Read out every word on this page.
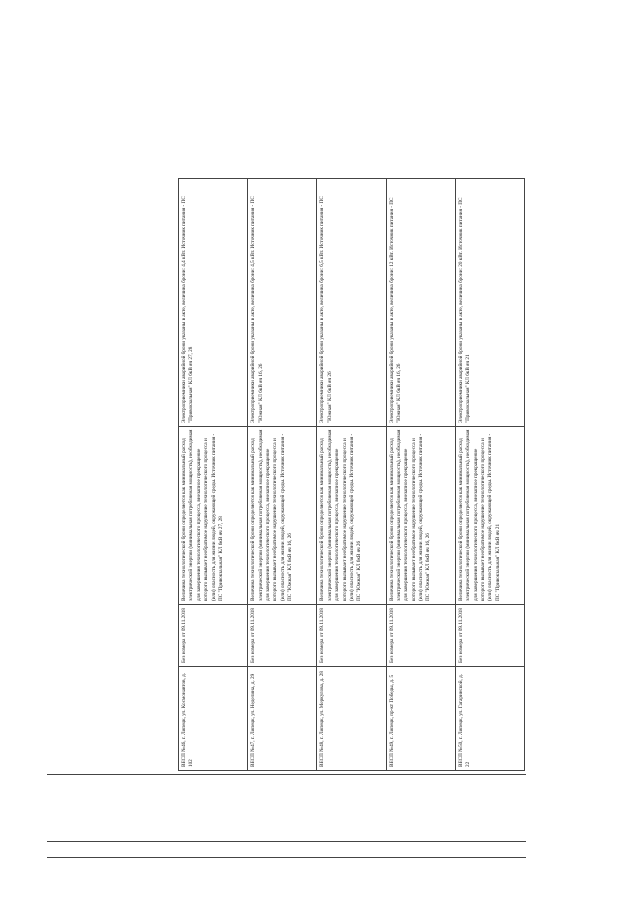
ВЕСП №46, г. Липецк, ул. Космонавтов, д. 102	Без номера от 09.11.2018	Величина технологической брони определяется как минимальный расход электрической энергии (минимальная потребляемая мощность), необходимая для завершения технологического процесса, внезапное прекращение которого вызывает необратимое нарушение технологического процесса и (или) опасность для жизни людей, окружающей среды. Источник питания - ПС "Привокзальная" КЛ 6кВ яч 27, 28	Электроприемники аварийной брони указаны в акте, величина брони: 4,4 кВт. Источник питания - ПС "Привокзальная" КЛ 6кВ яч 27, 28
ВЕСП №47, г. Липецк, ул. Неделина, д. 29	Без номера от 09.11.2018	Величина технологической брони определяется как минимальный расход электрической энергии (минимальная потребляемая мощность), необходимая для завершения технологического процесса, внезапное прекращение которого вызывает необратимое нарушение технологического процесса и (или) опасность для жизни людей, окружающей среды. Источник питания - ПС "Южная" КЛ 6кВ яч 16, 26	Электроприемники аварийной брони указаны в акте, величина брони: 4,5 кВт. Источник питания - ПС "Южная" КЛ 6кВ яч 16, 26
ВЕСП №48, г. Липецк, ул. Меркулова, д. 28	Без номера от 09.11.2018	Величина технологической брони определяется как минимальный расход электрической энергии (минимальная потребляемая мощность), необходимая для завершения технологического процесса, внезапное прекращение которого вызывает необратимое нарушение технологического процесса и (или) опасность для жизни людей, окружающей среды. Источник питания - ПС "Южная" КЛ 6кВ яч 26	Электроприемники аварийной брони указаны в акте, величина брони: 6,5 кВт. Источник питания - ПС "Южная" КЛ 6кВ яч 26
ВЕСП №49, г. Липецк, пр-кт Победы, д. 5	Без номера от 09.11.2018	Величина технологической брони определяется как минимальный расход электрической энергии (минимальная потребляемая мощность), необходимая для завершения технологического процесса, внезапное прекращение которого вызывает необратимое нарушение технологического процесса и (или) опасность для жизни людей, окружающей среды. Источник питания - ПС "Южная" КЛ 6кВ яч 16, 26	Электроприемники аварийной брони указаны в акте, величина брони: 12 кВт. Источник питания - ПС "Южная" КЛ 6кВ яч 16, 26
ВЕСП №50, г. Липецк, ул. Гагаринской, д. 22	Без номера от 09.11.2018	Величина технологической брони определяется как минимальный расход электрической энергии (минимальная потребляемая мощность), необходимая для завершения технологического процесса, внезапное прекращение которого вызывает необратимое нарушение технологического процесса и (или) опасность для жизни людей, окружающей среды. Источник питания - ПС "Привокзальная" КЛ 6кВ яч 21	Электроприемники аварийной брони указаны в акте, величина брони: 20 кВт. Источник питания - ПС "Привокзальная" КЛ 6кВ яч 21
